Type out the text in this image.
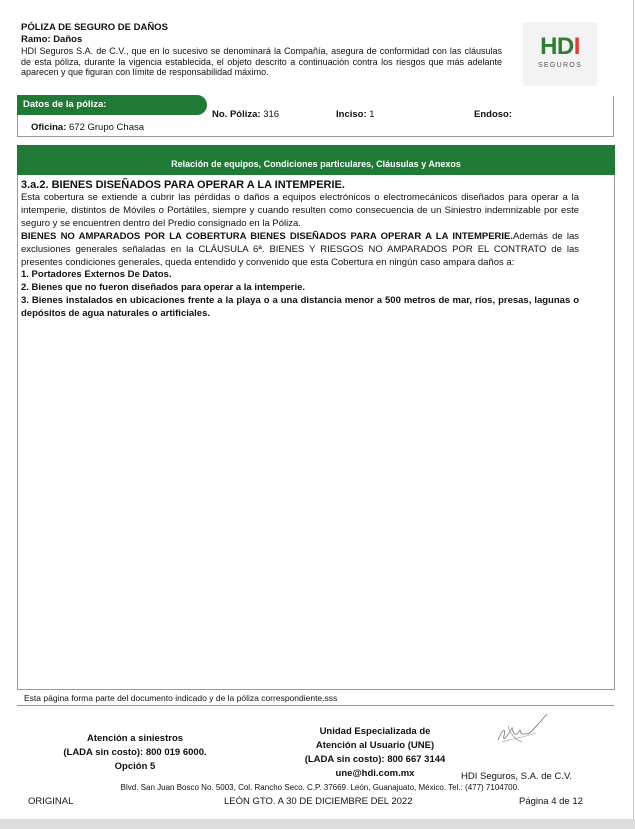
PÓLIZA DE SEGURO DE DAÑOS
Ramo: Daños
HDI Seguros S.A. de C.V., que en lo sucesivo se denominará la Compañía, asegura de conformidad con las cláusulas de esta póliza, durante la vigencia establecida, el objeto descrito a continuación contra los riesgos que más adelante aparecen y que figuran con límite de responsabilidad máximo.
HDI
SEGUROS
Datos de la póliza:
No. Póliza: 316	Inciso: 1	Endoso:
Oficina: 672 Grupo Chasa
Relación de equipos, Condiciones particulares, Cláusulas y Anexos
3.a.2. BIENES DISEÑADOS PARA OPERAR A LA INTEMPERIE.

Esta cobertura se extiende a cubrir las pérdidas o daños a equipos electrónicos o electromecánicos diseñados para operar a la intemperie, distintos de Móviles o Portátiles, siempre y cuando resulten como consecuencia de un Siniestro indemnizable por este seguro y se encuentren dentro del Predio consignado en la Póliza.

BIENES NO AMPARADOS POR LA COBERTURA BIENES DISEÑADOS PARA OPERAR A LA INTEMPERIE.Además de las exclusiones generales señaladas en la CLÁUSULA 6ª. BIENES Y RIESGOS NO AMPARADOS POR EL CONTRATO de las presentes condiciones generales, queda entendido y convenido que esta Cobertura en ningún caso ampara daños a:

1. Portadores Externos De Datos.

2. Bienes que no fueron diseñados para operar a la intemperie.

3. Bienes instalados en ubicaciones frente a la playa o a una distancia menor a 500 metros de mar, ríos, presas, lagunas o depósitos de agua naturales o artificiales.

Esta página forma parte del documento indicado y de la póliza correspondiente.sss
Atención a siniestros
(LADA sin costo): 800 019 6000.
Opción 5
Unidad Especializada de
Atención al Usuario (UNE)
(LADA sin costo): 800 667 3144
une@hdi.com.mx	HDI Seguros, S.A. de C.V.
Blvd. San Juan Bosco No. 5003, Col. Rancho Seco. C.P. 37669. León, Guanajuato, México. Tel.: (477) 7104700.
ORIGINAL	LEÓN GTO. A 30 DE DICIEMBRE DEL 2022	Página 4 de 12
